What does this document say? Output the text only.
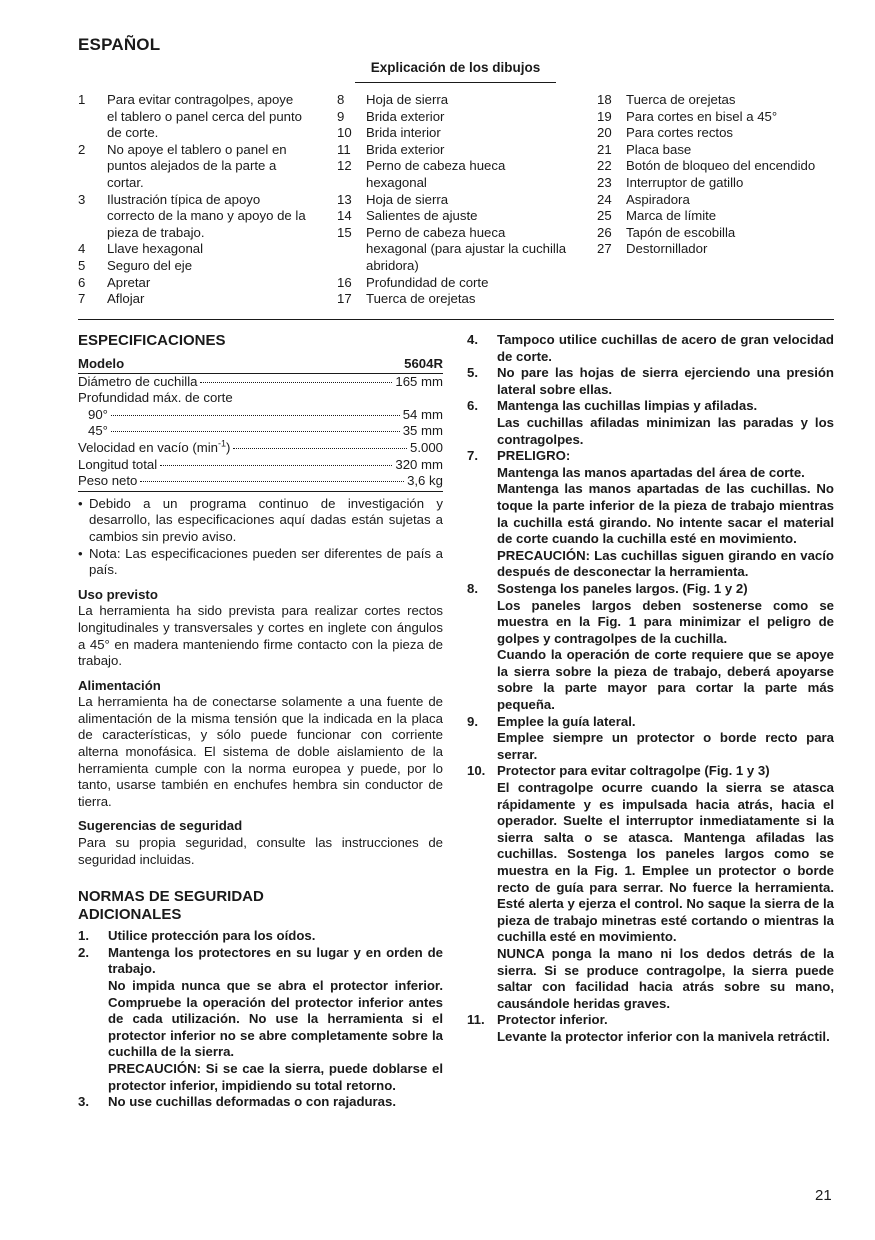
ESPAÑOL
Explicación de los dibujos
1 Para evitar contragolpes, apoye el tablero o panel cerca del punto de corte.
2 No apoye el tablero o panel en puntos alejados de la parte a cortar.
3 Ilustración típica de apoyo correcto de la mano y apoyo de la pieza de trabajo.
4 Llave hexagonal
5 Seguro del eje
6 Apretar
7 Aflojar
8 Hoja de sierra
9 Brida exterior
10 Brida interior
11 Brida exterior
12 Perno de cabeza hueca hexagonal
13 Hoja de sierra
14 Salientes de ajuste
15 Perno de cabeza hueca hexagonal (para ajustar la cuchilla abridora)
16 Profundidad de corte
17 Tuerca de orejetas
18 Tuerca de orejetas
19 Para cortes en bisel a 45°
20 Para cortes rectos
21 Placa base
22 Botón de bloqueo del encendido
23 Interruptor de gatillo
24 Aspiradora
25 Marca de límite
26 Tapón de escobilla
27 Destornillador
ESPECIFICACIONES
Modelo	5604R
Diámetro de cuchilla	165 mm
Profundidad máx. de corte
90°	54 mm
45°	35 mm
Velocidad en vacío $(\min^{-1})$	5.000
Longitud total	320 mm
Peso neto	3,6 kg
• Debido a un programa continuo de investigación y desarrollo, las especificaciones aquí dadas están sujetas a cambios sin previo aviso.
• Nota: Las especificaciones pueden ser diferentes de país a país.
Uso previsto
La herramienta ha sido prevista para realizar cortes rectos longitudinales y transversales y cortes en inglete con ángulos a 45° en madera manteniendo firme contacto con la pieza de trabajo.
Alimentación
La herramienta ha de conectarse solamente a una fuente de alimentación de la misma tensión que la indicada en la placa de características, y sólo puede funcionar con corriente alterna monofásica. El sistema de doble aislamiento de la herramienta cumple con la norma europea y puede, por lo tanto, usarse también en enchufes hembra sin conductor de tierra.
Sugerencias de seguridad
Para su propia seguridad, consulte las instrucciones de seguridad incluidas.
NORMAS DE SEGURIDAD
ADICIONALES
1. Utilice protección para los oídos.
2. Mantenga los protectores en su lugar y en orden de trabajo.
No impida nunca que se abra el protector inferior. Compruebe la operación del protector inferior antes de cada utilización. No use la herramienta si el protector inferior no se abre completamente sobre la cuchilla de la sierra.
PRECAUCIÓN: Si se cae la sierra, puede doblarse el protector inferior, impidiendo su total retorno.
3. No use cuchillas deformadas o con rajaduras.
4. Tampoco utilice cuchillas de acero de gran velocidad de corte.
5. No pare las hojas de sierra ejerciendo una presión lateral sobre ellas.
6. Mantenga las cuchillas limpias y afiladas.
Las cuchillas afiladas minimizan las paradas y los contragolpes.
7. PRELIGRO:
Mantenga las manos apartadas del área de corte.
Mantenga las manos apartadas de las cuchillas. No toque la parte inferior de la pieza de trabajo mientras la cuchilla está girando. No intente sacar el material de corte cuando la cuchilla esté en movimiento.
PRECAUCIÓN: Las cuchillas siguen girando en vacío después de desconectar la herramienta.
8. Sostenga los paneles largos. (Fig. 1 y 2)
Los paneles largos deben sostenerse como se muestra en la Fig. 1 para minimizar el peligro de golpes y contragolpes de la cuchilla.
Cuando la operación de corte requiere que se apoye la sierra sobre la pieza de trabajo, deberá apoyarse sobre la parte mayor para cortar la parte más pequeña.
9. Emplee la guía lateral.
Emplee siempre un protector o borde recto para serrar.
10. Protector para evitar coltragolpe (Fig. 1 y 3)
El contragolpe ocurre cuando la sierra se atasca rápidamente y es impulsada hacia atrás, hacia el operador. Suelte el interruptor inmediatamente si la sierra salta o se atasca. Mantenga afiladas las cuchillas. Sostenga los paneles largos como se muestra en la Fig. 1. Emplee un protector o borde recto de guía para serrar. No fuerce la herramienta. Esté alerta y ejerza el control. No saque la sierra de la pieza de trabajo minetras esté cortando o mientras la cuchilla esté en movimiento.
NUNCA ponga la mano ni los dedos detrás de la sierra. Si se produce contragolpe, la sierra puede saltar con facilidad hacia atrás sobre su mano, causándole heridas graves.
11. Protector inferior.
Levante la protector inferior con la manivela retráctil.
21
